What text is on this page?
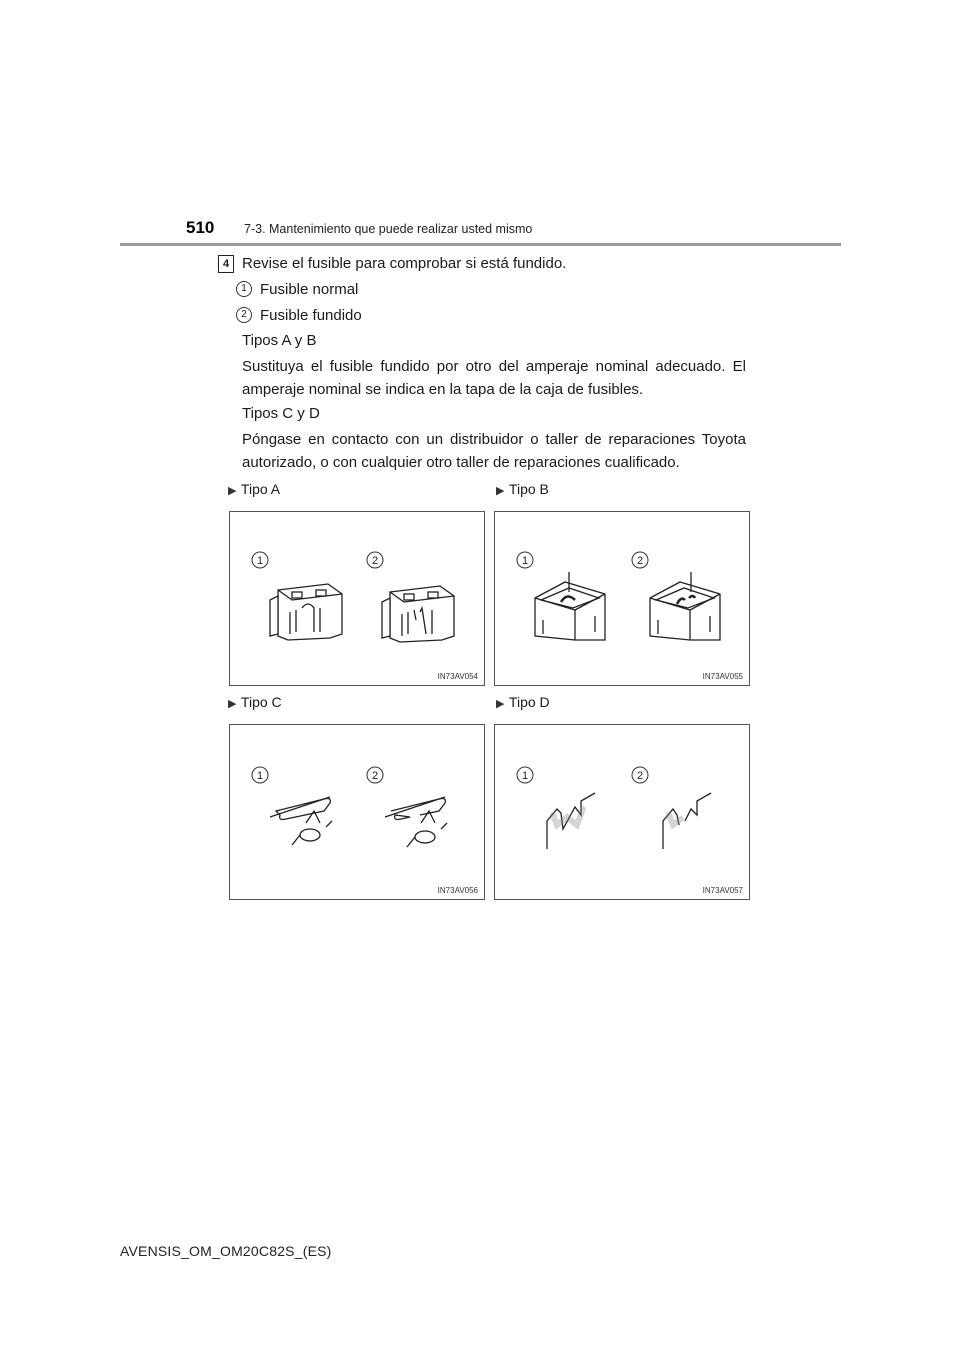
510 7-3. Mantenimiento que puede realizar usted mismo
4 Revise el fusible para comprobar si está fundido.
1 Fusible normal
2 Fusible fundido
Tipos A y B
Sustituya el fusible fundido por otro del amperaje nominal adecuado. El amperaje nominal se indica en la tapa de la caja de fusibles.
Tipos C y D
Póngase en contacto con un distribuidor o taller de reparaciones Toyota autorizado, o con cualquier otro taller de reparaciones cualificado.
▶ Tipo A	▶ Tipo B
▶ Tipo C	▶ Tipo D
1	2
IN73AV054
1	2
IN73AV055
1	2
IN73AV056
1	2
IN73AV057
AVENSIS_OM_OM20C82S_(ES)
